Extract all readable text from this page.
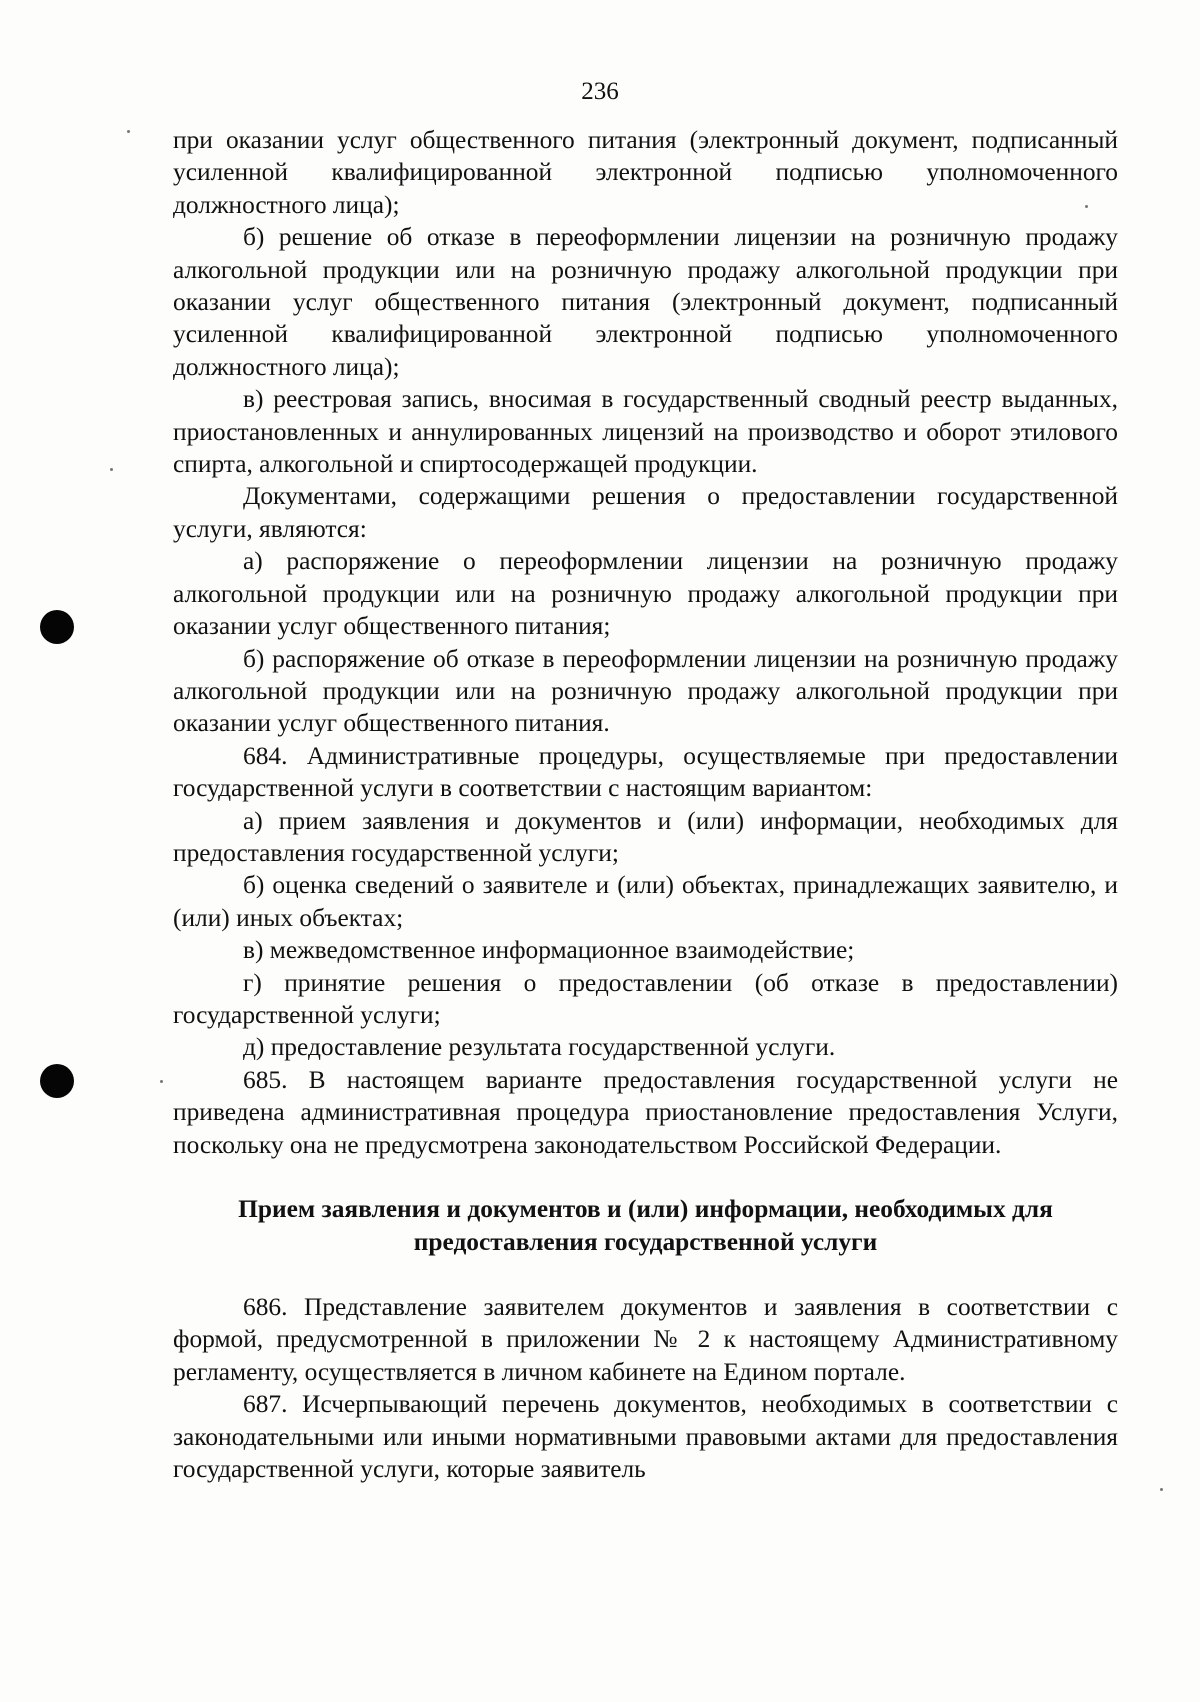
236

при оказании услуг общественного питания (электронный документ, подписанный усиленной квалифицированной электронной подписью уполномоченного должностного лица);

б) решение об отказе в переоформлении лицензии на розничную продажу алкогольной продукции или на розничную продажу алкогольной продукции при оказании услуг общественного питания (электронный документ, подписанный усиленной квалифицированной электронной подписью уполномоченного должностного лица);

в) реестровая запись, вносимая в государственный сводный реестр выданных, приостановленных и аннулированных лицензий на производство и оборот этилового спирта, алкогольной и спиртосодержащей продукции.

Документами, содержащими решения о предоставлении государственной услуги, являются:

а) распоряжение о переоформлении лицензии на розничную продажу алкогольной продукции или на розничную продажу алкогольной продукции при оказании услуг общественного питания;

б) распоряжение об отказе в переоформлении лицензии на розничную продажу алкогольной продукции или на розничную продажу алкогольной продукции при оказании услуг общественного питания.

684. Административные процедуры, осуществляемые при предоставлении государственной услуги в соответствии с настоящим вариантом:

а) прием заявления и документов и (или) информации, необходимых для предоставления государственной услуги;

б) оценка сведений о заявителе и (или) объектах, принадлежащих заявителю, и (или) иных объектах;

в) межведомственное информационное взаимодействие;

г) принятие решения о предоставлении (об отказе в предоставлении) государственной услуги;

д) предоставление результата государственной услуги.

685. В настоящем варианте предоставления государственной услуги не приведена административная процедура приостановление предоставления Услуги, поскольку она не предусмотрена законодательством Российской Федерации.

Прием заявления и документов и (или) информации, необходимых для предоставления государственной услуги

686. Представление заявителем документов и заявления в соответствии с формой, предусмотренной в приложении № 2 к настоящему Административному регламенту, осуществляется в личном кабинете на Едином портале.

687. Исчерпывающий перечень документов, необходимых в соответствии с законодательными или иными нормативными правовыми актами для предоставления государственной услуги, которые заявитель
